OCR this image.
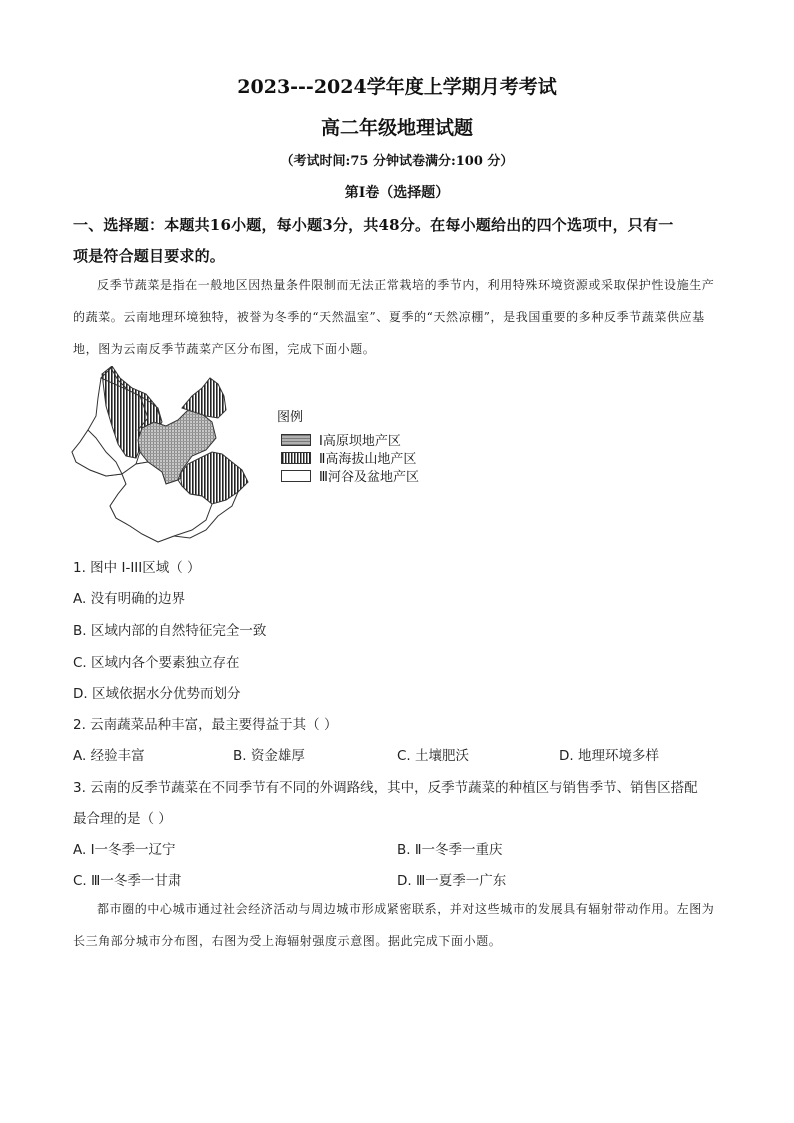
2023---2024学年度上学期月考考试
高二年级地理试题
（考试时间:75 分钟试卷满分:100 分）
第Ⅰ卷（选择题）
一、选择题：本题共16小题，每小题3分，共48分。在每小题给出的四个选项中，只有一
项是符合题目要求的。
反季节蔬菜是指在一般地区因热量条件限制而无法正常栽培的季节内，利用特殊环境资源或采取保护性设施生产的蔬菜。云南地理环境独特，被誉为冬季的“天然温室”、夏季的“天然凉棚”，是我国重要的多种反季节蔬菜供应基地，图为云南反季节蔬菜产区分布图，完成下面小题。
图例
Ⅰ高原坝地产区
Ⅱ高海拔山地产区
Ⅲ河谷及盆地产区
1. 图中 I-III区域（ ）
A. 没有明确的边界
B. 区域内部的自然特征完全一致
C. 区域内各个要素独立存在
D. 区域依据水分优势而划分
2. 云南蔬菜品种丰富，最主要得益于其（ ）
A. 经验丰富	B. 资金雄厚	C. 土壤肥沃	D. 地理环境多样
3. 云南的反季节蔬菜在不同季节有不同的外调路线，其中，反季节蔬菜的种植区与销售季节、销售区搭配
最合理的是（ ）
A. Ⅰ一冬季一辽宁	B. Ⅱ一冬季一重庆
C. Ⅲ一冬季一甘肃	D. Ⅲ一夏季一广东
都市圈的中心城市通过社会经济活动与周边城市形成紧密联系，并对这些城市的发展具有辐射带动作用。左图为长三角部分城市分布图，右图为受上海辐射强度示意图。据此完成下面小题。
